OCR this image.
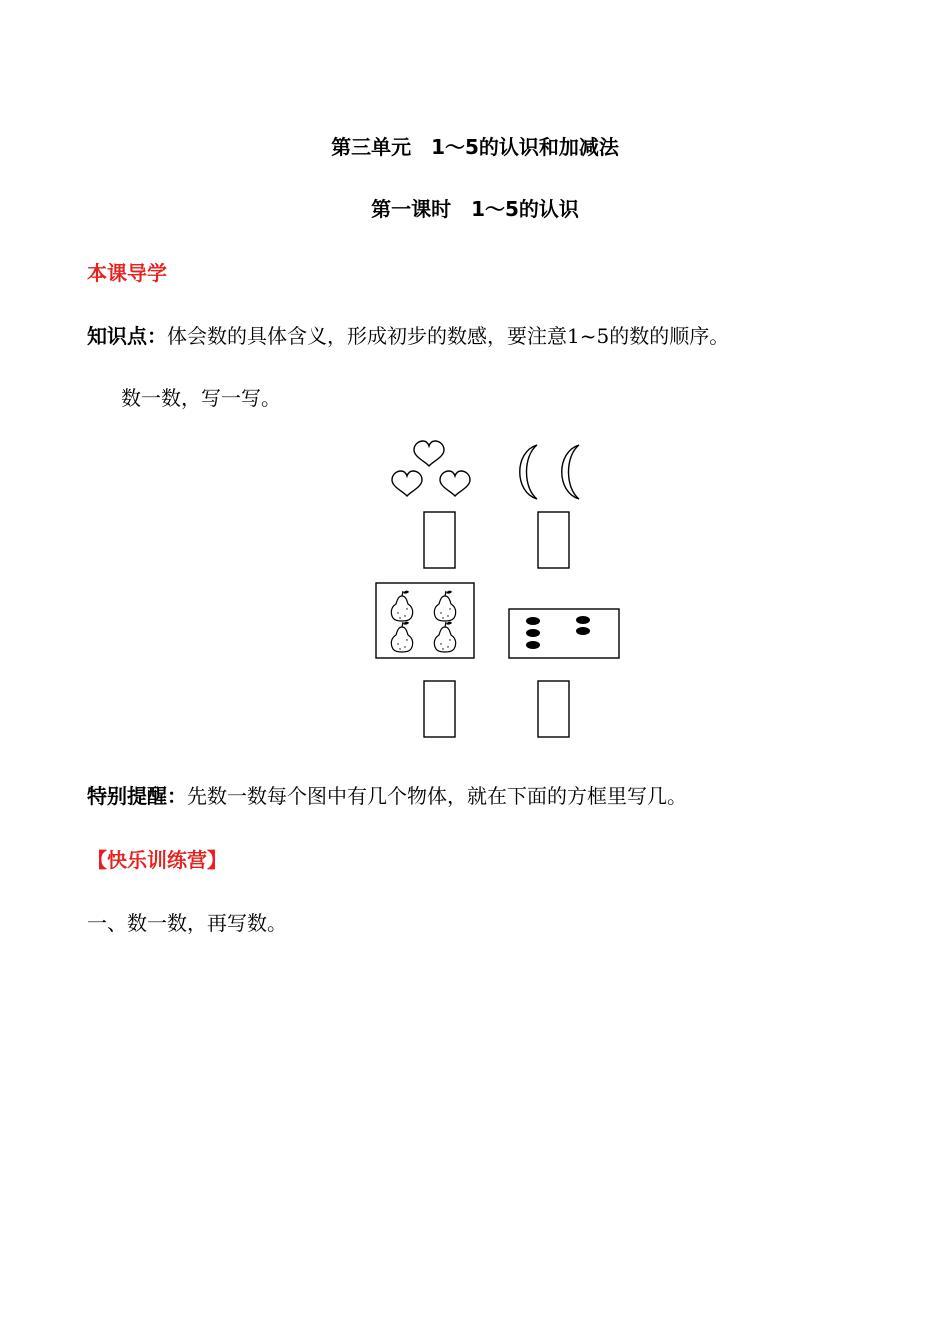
第三单元　1～5的认识和加减法
第一课时　1～5的认识
本课导学
知识点：体会数的具体含义，形成初步的数感，要注意1~5的数的顺序。
数一数，写一写。
特别提醒：先数一数每个图中有几个物体，就在下面的方框里写几。
【快乐训练营】
一、数一数，再写数。
